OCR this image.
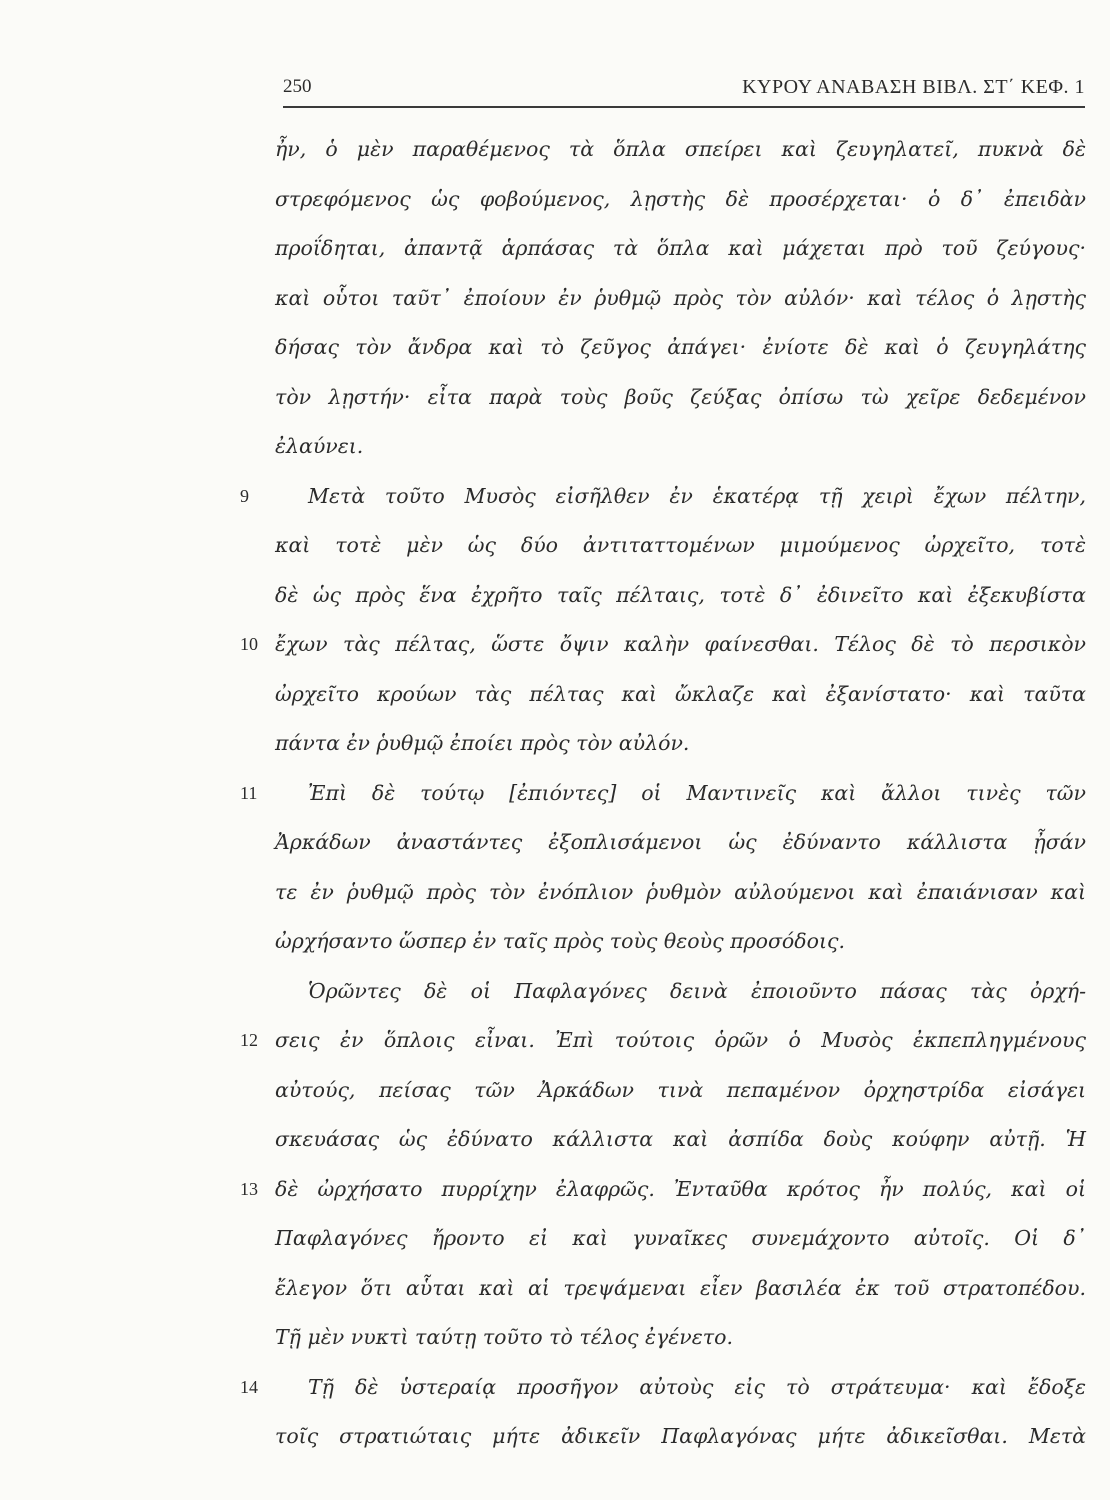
250	ΚΥΡΟΥ ΑΝΑΒΑΣΗ ΒΙΒΛ. ΣΤ΄ ΚΕΦ. 1
ἦν, ὁ μὲν παραθέμενος τὰ ὅπλα σπείρει καὶ ζευγηλατεῖ, πυκνὰ δὲ
στρεφόμενος ὡς φοβούμενος, λῃστὴς δὲ προσέρχεται· ὁ δ᾽ ἐπειδὰν
προΐδηται, ἀπαντᾷ ἁρπάσας τὰ ὅπλα καὶ μάχεται πρὸ τοῦ ζεύγους·
καὶ οὗτοι ταῦτ᾽ ἐποίουν ἐν ῥυθμῷ πρὸς τὸν αὐλόν· καὶ τέλος ὁ λῃστὴς
δήσας τὸν ἄνδρα καὶ τὸ ζεῦγος ἀπάγει· ἐνίοτε δὲ καὶ ὁ ζευγηλάτης
τὸν λῃστήν· εἶτα παρὰ τοὺς βοῦς ζεύξας ὀπίσω τὼ χεῖρε δεδεμένον
ἐλαύνει.
9	Μετὰ τοῦτο Μυσὸς εἰσῆλθεν ἐν ἑκατέρᾳ τῇ χειρὶ ἔχων πέλτην,
καὶ τοτὲ μὲν ὡς δύο ἀντιταττομένων μιμούμενος ὠρχεῖτο, τοτὲ
δὲ ὡς πρὸς ἕνα ἐχρῆτο ταῖς πέλταις, τοτὲ δ᾽ ἐδινεῖτο καὶ ἐξεκυβίστα
10 ἔχων τὰς πέλτας, ὥστε ὄψιν καλὴν φαίνεσθαι. Τέλος δὲ τὸ περσικὸν
ὠρχεῖτο κρούων τὰς πέλτας καὶ ὤκλαζε καὶ ἐξανίστατο· καὶ ταῦτα
πάντα ἐν ῥυθμῷ ἐποίει πρὸς τὸν αὐλόν.
11	Ἐπὶ δὲ τούτῳ [ἐπιόντες] οἱ Μαντινεῖς καὶ ἄλλοι τινὲς τῶν
Ἀρκάδων ἀναστάντες ἐξοπλισάμενοι ὡς ἐδύναντο κάλλιστα ᾖσάν
τε ἐν ῥυθμῷ πρὸς τὸν ἐνόπλιον ῥυθμὸν αὐλούμενοι καὶ ἐπαιάνισαν καὶ
ὠρχήσαντο ὥσπερ ἐν ταῖς πρὸς τοὺς θεοὺς προσόδοις.
Ὁρῶντες δὲ οἱ Παφλαγόνες δεινὰ ἐποιοῦντο πάσας τὰς ὀρχή-
12 σεις ἐν ὅπλοις εἶναι. Ἐπὶ τούτοις ὁρῶν ὁ Μυσὸς ἐκπεπληγμένους
αὐτούς, πείσας τῶν Ἀρκάδων τινὰ πεπαμένον ὀρχηστρίδα εἰσάγει
σκευάσας ὡς ἐδύνατο κάλλιστα καὶ ἀσπίδα δοὺς κούφην αὐτῇ. Ἡ
13 δὲ ὠρχήσατο πυρρίχην ἐλαφρῶς. Ἐνταῦθα κρότος ἦν πολύς, καὶ οἱ
Παφλαγόνες ἤροντο εἰ καὶ γυναῖκες συνεμάχοντο αὐτοῖς. Οἱ δ᾽
ἔλεγον ὅτι αὗται καὶ αἱ τρεψάμεναι εἶεν βασιλέα ἐκ τοῦ στρατοπέδου.
Τῇ μὲν νυκτὶ ταύτῃ τοῦτο τὸ τέλος ἐγένετο.
14	Τῇ δὲ ὑστεραίᾳ προσῆγον αὐτοὺς εἰς τὸ στράτευμα· καὶ ἔδοξε
τοῖς στρατιώταις μήτε ἀδικεῖν Παφλαγόνας μήτε ἀδικεῖσθαι. Μετὰ
